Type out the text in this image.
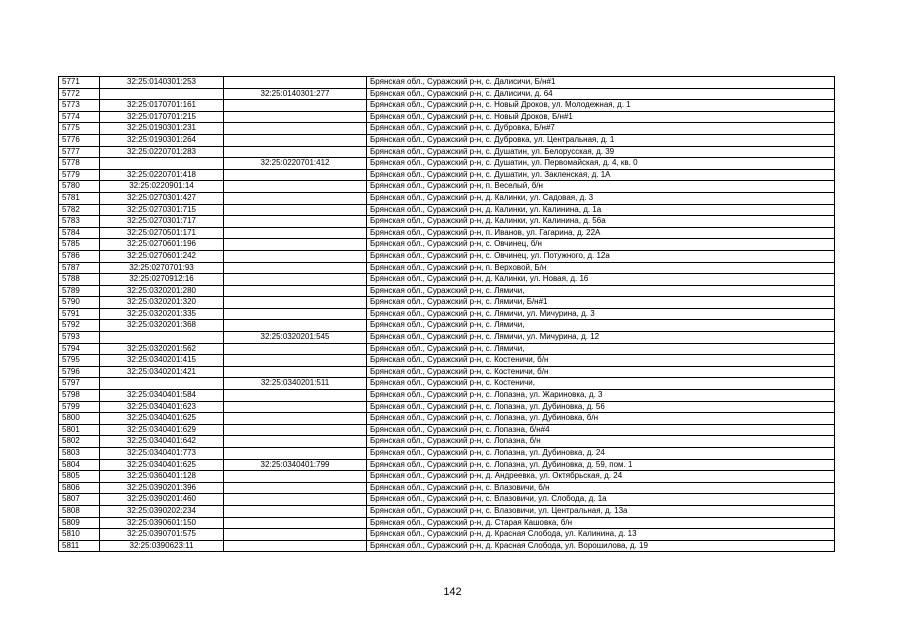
5771	32:25:0140301:253		Брянская обл., Суражский р-н, с. Далисичи, Б/н#1
5772		32:25:0140301:277	Брянская обл., Суражский р-н, с. Далисичи, д. 64
5773	32:25:0170701:161		Брянская обл., Суражский р-н, с. Новый Дроков, ул. Молодежная, д. 1
5774	32:25:0170701:215		Брянская обл., Суражский р-н, с. Новый Дроков, Б/н#1
5775	32:25:0190301:231		Брянская обл., Суражский р-н, с. Дубровка, Б/н#7
5776	32:25:0190301:264		Брянская обл., Суражский р-н, с. Дубровка, ул. Центральная, д. 1
5777	32:25:0220701:283		Брянская обл., Суражский р-н, с. Душатин, ул. Белорусская, д. 39
5778		32:25:0220701:412	Брянская обл., Суражский р-н, с. Душатин, ул. Первомайская, д. 4, кв. 0
5779	32:25:0220701:418		Брянская обл., Суражский р-н, с. Душатин, ул. Закленская, д. 1А
5780	32:25:0220901:14		Брянская обл., Суражский р-н, п. Веселый, б/н
5781	32:25:0270301:427		Брянская обл., Суражский р-н, д. Калинки, ул. Садовая, д. 3
5782	32:25:0270301:715		Брянская обл., Суражский р-н, д. Калинки, ул. Калинина, д. 1а
5783	32:25:0270301:717		Брянская обл., Суражский р-н, д. Калинки, ул. Калинина, д. 56а
5784	32:25:0270501:171		Брянская обл., Суражский р-н, п. Иванов, ул. Гагарина, д. 22А
5785	32:25:0270601:196		Брянская обл., Суражский р-н, с. Овчинец, б/н
5786	32:25:0270601:242		Брянская обл., Суражский р-н, с. Овчинец, ул. Потужного, д. 12а
5787	32:25:0270701:93		Брянская обл., Суражский р-н, п. Верховой, Б/н
5788	32:25:0270912:16		Брянская обл., Суражский р-н, д. Калинки, ул. Новая, д. 16
5789	32:25:0320201:280		Брянская обл., Суражский р-н, с. Лямичи,
5790	32:25:0320201:320		Брянская обл., Суражский р-н, с. Лямичи, Б/н#1
5791	32:25:0320201:335		Брянская обл., Суражский р-н, с. Лямичи, ул. Мичурина, д. 3
5792	32:25:0320201:368		Брянская обл., Суражский р-н, с. Лямичи,
5793		32:25:0320201:545	Брянская обл., Суражский р-н, с. Лямичи, ул. Мичурина, д. 12
5794	32:25:0320201:562		Брянская обл., Суражский р-н, с. Лямичи,
5795	32:25:0340201:415		Брянская обл., Суражский р-н, с. Костеничи, б/н
5796	32:25:0340201:421		Брянская обл., Суражский р-н, с. Костеничи, б/н
5797		32:25:0340201:511	Брянская обл., Суражский р-н, с. Костеничи,
5798	32:25:0340401:584		Брянская обл., Суражский р-н, с. Лопазна, ул. Жариновка, д. 3
5799	32:25:0340401:623		Брянская обл., Суражский р-н, с. Лопазна, ул. Дубиновка, д. 56
5800	32:25:0340401:625		Брянская обл., Суражский р-н, с. Лопазна, ул. Дубиновка, б/н
5801	32:25:0340401:629		Брянская обл., Суражский р-н, с. Лопазна, б/н#4
5802	32:25:0340401:642		Брянская обл., Суражский р-н, с. Лопазна, б/н
5803	32:25:0340401:773		Брянская обл., Суражский р-н, с. Лопазна, ул. Дубиновка, д. 24
5804	32:25:0340401:625	32:25:0340401:799	Брянская обл., Суражский р-н, с. Лопазна, ул. Дубиновка, д. 59, пом. 1
5805	32:25:0360401:128		Брянская обл., Суражский р-н, д. Андреевка, ул. Октябрьская, д. 24
5806	32:25:0390201:396		Брянская обл., Суражский р-н, с. Влазовичи, б/н
5807	32:25:0390201:460		Брянская обл., Суражский р-н, с. Влазовичи, ул. Слобода, д. 1а
5808	32:25:0390202:234		Брянская обл., Суражский р-н, с. Влазовичи, ул. Центральная, д. 13а
5809	32:25:0390601:150		Брянская обл., Суражский р-н, д. Старая Кашовка, б/н
5810	32:25:0390701:575		Брянская обл., Суражский р-н, д. Красная Слобода, ул. Калинина, д. 13
5811	32:25:0390623:11		Брянская обл., Суражский р-н, д. Красная Слобода, ул. Ворошилова, д. 19
142
